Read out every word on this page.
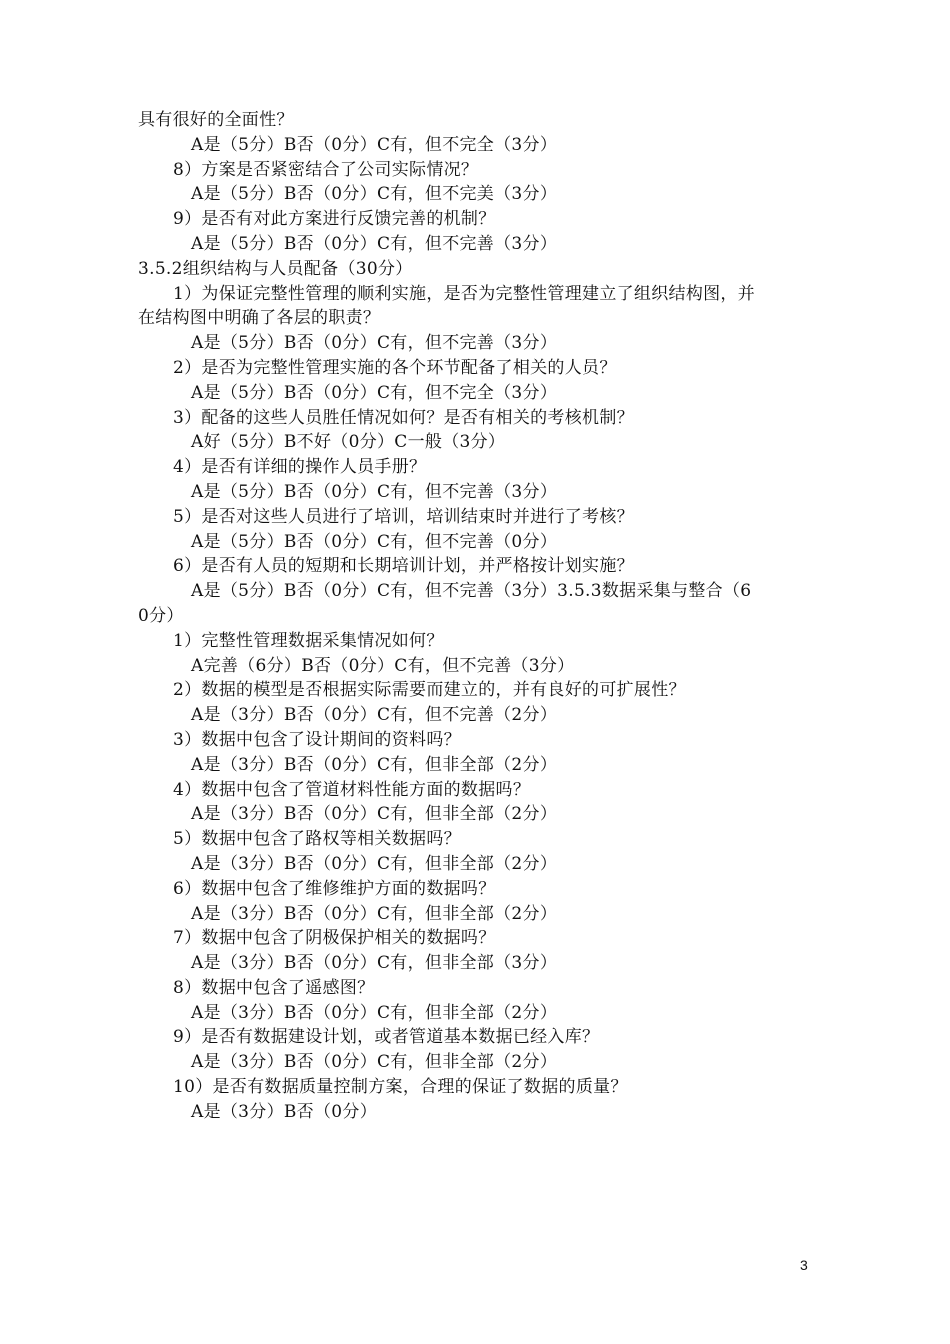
具有很好的全面性？
A是（5分）B否（0分）C有，但不完全（3分）
8）方案是否紧密结合了公司实际情况？
A是（5分）B否（0分）C有，但不完美（3分）
9）是否有对此方案进行反馈完善的机制？
A是（5分）B否（0分）C有，但不完善（3分）
3.5.2组织结构与人员配备（30分）
1）为保证完整性管理的顺利实施，是否为完整性管理建立了组织结构图，并
在结构图中明确了各层的职责？
A是（5分）B否（0分）C有，但不完善（3分）
2）是否为完整性管理实施的各个环节配备了相关的人员？
A是（5分）B否（0分）C有，但不完全（3分）
3）配备的这些人员胜任情况如何？是否有相关的考核机制？
A好（5分）B不好（0分）C一般（3分）
4）是否有详细的操作人员手册？
A是（5分）B否（0分）C有，但不完善（3分）
5）是否对这些人员进行了培训，培训结束时并进行了考核？
A是（5分）B否（0分）C有，但不完善（0分）
6）是否有人员的短期和长期培训计划，并严格按计划实施？
A是（5分）B否（0分）C有，但不完善（3分）3.5.3数据采集与整合（6
0分）
1）完整性管理数据采集情况如何？
A完善（6分）B否（0分）C有，但不完善（3分）
2）数据的模型是否根据实际需要而建立的，并有良好的可扩展性？
A是（3分）B否（0分）C有，但不完善（2分）
3）数据中包含了设计期间的资料吗？
A是（3分）B否（0分）C有，但非全部（2分）
4）数据中包含了管道材料性能方面的数据吗？
A是（3分）B否（0分）C有，但非全部（2分）
5）数据中包含了路权等相关数据吗？
A是（3分）B否（0分）C有，但非全部（2分）
6）数据中包含了维修维护方面的数据吗？
A是（3分）B否（0分）C有，但非全部（2分）
7）数据中包含了阴极保护相关的数据吗？
A是（3分）B否（0分）C有，但非全部（3分）
8）数据中包含了遥感图？
A是（3分）B否（0分）C有，但非全部（2分）
9）是否有数据建设计划，或者管道基本数据已经入库？
A是（3分）B否（0分）C有，但非全部（2分）
10）是否有数据质量控制方案，合理的保证了数据的质量？
A是（3分）B否（0分）
3
